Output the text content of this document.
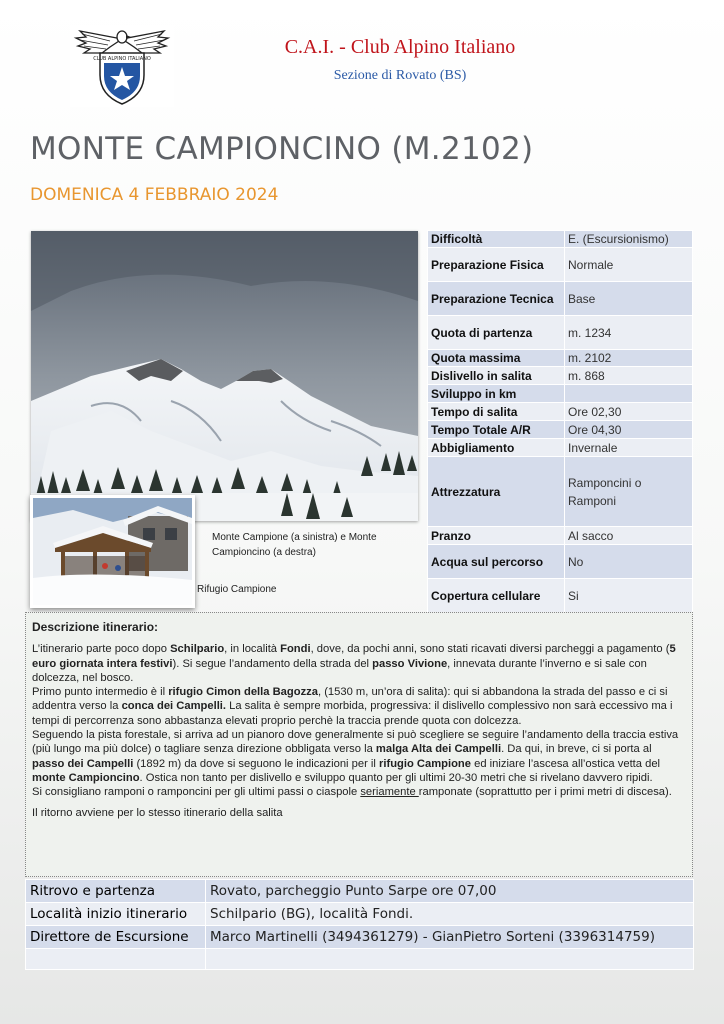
CLUB ALPINO ITALIANO
C.A.I. - Club Alpino Italiano
Sezione di Rovato (BS)
MONTE CAMPIONCINO (M.2102)
DOMENICA 4 FEBBRAIO 2024
Monte Campione (a sinistra) e Monte Campioncino (a destra)
Rifugio Campione
Difficoltà	E. (Escursionismo)
Preparazione Fisica	Normale
Preparazione Tecnica	Base
Quota di partenza	m. 1234
Quota massima	m. 2102
Dislivello in salita	m. 868
Sviluppo in km	
Tempo di salita	Ore 02,30
Tempo Totale A/R	Ore 04,30
Abbigliamento	Invernale
Attrezzatura	Ramponcini o Ramponi
Pranzo	Al sacco
Acqua sul percorso	No
Copertura cellulare	Si
Descrizione itinerario:

L’itinerario parte poco dopo Schilpario, in località Fondi, dove, da pochi anni, sono stati ricavati diversi parcheggi a pagamento (5 euro giornata intera festivi). Si segue l’andamento della strada del passo Vivione, innevata durante l’inverno e si sale con dolcezza, nel bosco.

Primo punto intermedio è il rifugio Cimon della Bagozza, (1530 m, un’ora di salita): qui si abbandona la strada del passo e ci si addentra verso la conca dei Campelli. La salita è sempre morbida, progressiva: il dislivello complessivo non sarà eccessivo ma i tempi di percorrenza sono abbastanza elevati proprio perchè la traccia prende quota con dolcezza.

Seguendo la pista forestale, si arriva ad un pianoro dove generalmente si può scegliere se seguire l’andamento della traccia estiva (più lungo ma più dolce) o tagliare senza direzione obbligata verso la malga Alta dei Campelli. Da qui, in breve, ci si porta al passo dei Campelli (1892 m) da dove si seguono le indicazioni per il rifugio Campione ed iniziare l’ascesa all’ostica vetta del monte Campioncino. Ostica non tanto per dislivello e sviluppo quanto per gli ultimi 20-30 metri che si rivelano davvero ripidi.

Si consigliano ramponi o ramponcini per gli ultimi passi o ciaspole seriamente ramponate (soprattutto per i primi metri di discesa).

Il ritorno avviene per lo stesso itinerario della salita

Ritrovo e partenza	Rovato, parcheggio Punto Sarpe ore 07,00
Località inizio itinerario	Schilpario (BG), località Fondi.
Direttore de Escursione	Marco Martinelli (3494361279) - GianPietro Sorteni (3396314759)
